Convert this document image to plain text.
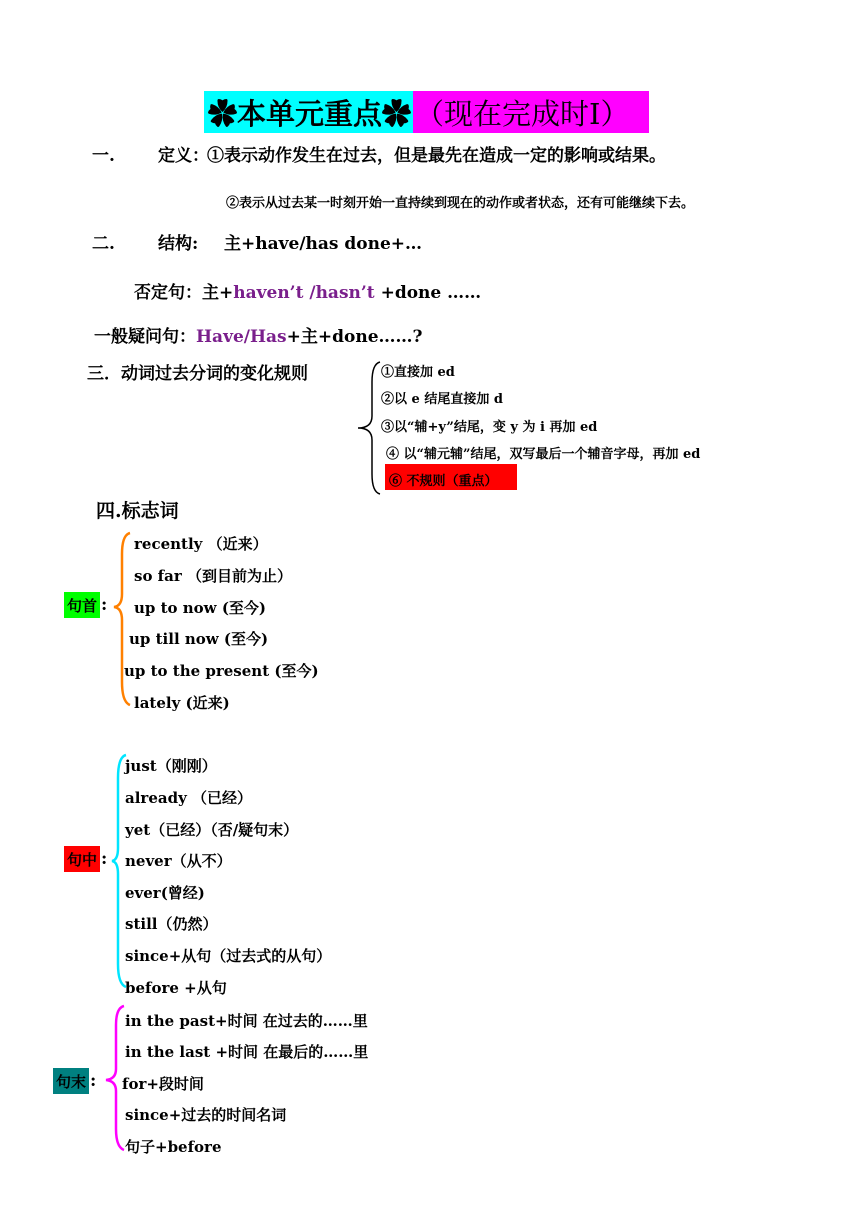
✿本单元重点✿ （现在完成时Ⅰ）
一.	定义：
①表示动作发生在过去，但是最先在造成一定的影响或结果。
②表示从过去某一时刻开始一直持续到现在的动作或者状态，还有可能继续下去。
二.	结构: 主+have/has done+…
否定句：主+haven’t /hasn’t +done ……
一般疑问句：Have/Has+主+done……?
三．动词过去分词的变化规则	①直接加 ed
②以 e 结尾直接加 d
③以“辅+y”结尾，变 y 为 i 再加 ed
④ 以“辅元辅”结尾，双写最后一个辅音字母，再加 ed
⑥ 不规则（重点）
四.标志词
句首 :
recently （近来）
so far （到目前为止）
up to now (至今)
up till now (至今)
up to the present (至今)
lately (近来)
句中 :
just（刚刚）
already （已经）
yet（已经）（否/疑句末）
never（从不）
ever(曾经)
still（仍然）
since+从句（过去式的从句）
before +从句
句末 :
in the past+时间 在过去的……里
in the last +时间 在最后的……里
for+段时间
since+过去的时间名词
句子+before
